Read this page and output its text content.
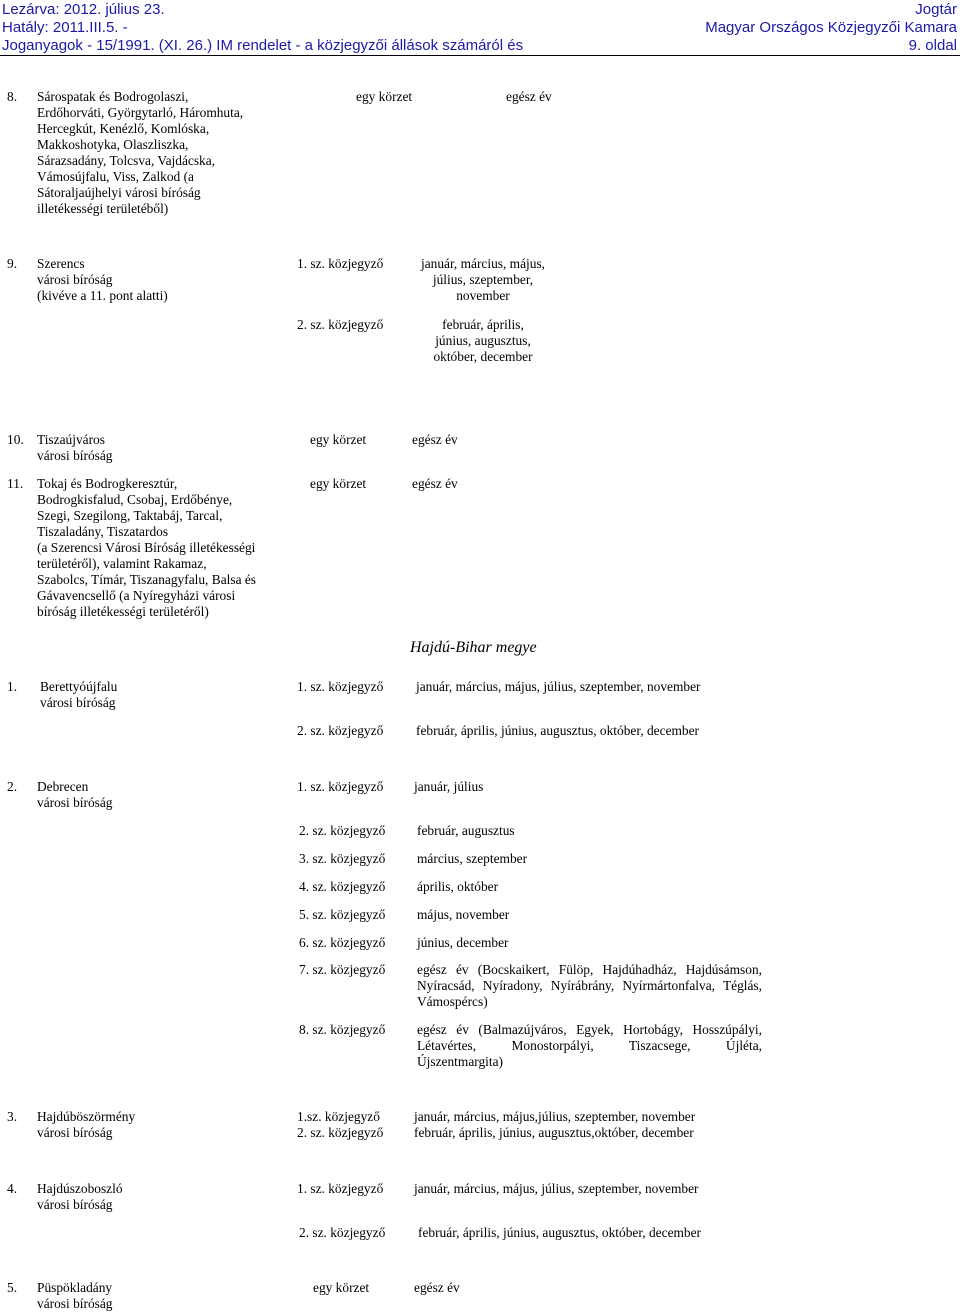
Lezárva: 2012. július 23.
Hatály: 2011.III.5. -
Joganyagok - 15/1991. (XI. 26.) IM rendelet - a közjegyzői állások számáról és
Jogtár
Magyar Országos Közjegyzői Kamara
9. oldal
8. Sárospatak és Bodrogolaszi,
Erdőhorváti, Györgytarló, Háromhuta,
Hercegkút, Kenézlő, Komlóska,
Makkoshotyka, Olaszliszka,
Sárazsadány, Tolcsva, Vajdácska,
Vámosújfalu, Viss, Zalkod (a
Sátoraljaújhelyi városi bíróság
illetékességi területéből)
egy körzet	egész év
9. Szerencs
városi bíróság
(kivéve a 11. pont alatti)
1. sz. közjegyző	január, március, május,
július, szeptember,
november
2. sz. közjegyző	február, április,
június, augusztus,
október, december
10. Tiszaújváros
városi bíróság
egy körzet	egész év
11. Tokaj és Bodrogkeresztúr,
Bodrogkisfalud, Csobaj, Erdőbénye,
Szegi, Szegilong, Taktabáj, Tarcal,
Tiszaladány, Tiszatardos
(a Szerencsi Városi Bíróság illetékességi
területéről), valamint Rakamaz,
Szabolcs, Tímár, Tiszanagyfalu, Balsa és
Gávavencsellő (a Nyíregyházi városi
bíróság illetékességi területéről)
egy körzet	egész év
Hajdú-Bihar megye
1. Berettyóújfalu
városi bíróság
1. sz. közjegyző január, március, május, július, szeptember, november
2. sz. közjegyző február, április, június, augusztus, október, december
2. Debrecen
városi bíróság
1. sz. közjegyző január, július
2. sz. közjegyző február, augusztus
3. sz. közjegyző március, szeptember
4. sz. közjegyző április, október
5. sz. közjegyző május, november
6. sz. közjegyző június, december
7. sz. közjegyző egész év (Bocskaikert, Fülöp, Hajdúhadház, Hajdúsámson,
Nyíracsád, Nyíradony, Nyírábrány, Nyírmártonfalva, Téglás,
Vámospércs)
8. sz. közjegyző egész év (Balmazújváros, Egyek, Hortobágy, Hosszúpályi,
Létavértes, Monostorpályi, Tiszacsege, Újléta,
Újszentmargita)
3. Hajdúböszörmény
városi bíróság
1.sz. közjegyző	január, március, május,július, szeptember, november
2. sz. közjegyző február, április, június, augusztus,október, december
4. Hajdúszoboszló
városi bíróság
1. sz. közjegyző január, március, május, július, szeptember, november
2. sz. közjegyző február, április, június, augusztus, október, december
5. Püspökladány
városi bíróság
egy körzet	egész év
